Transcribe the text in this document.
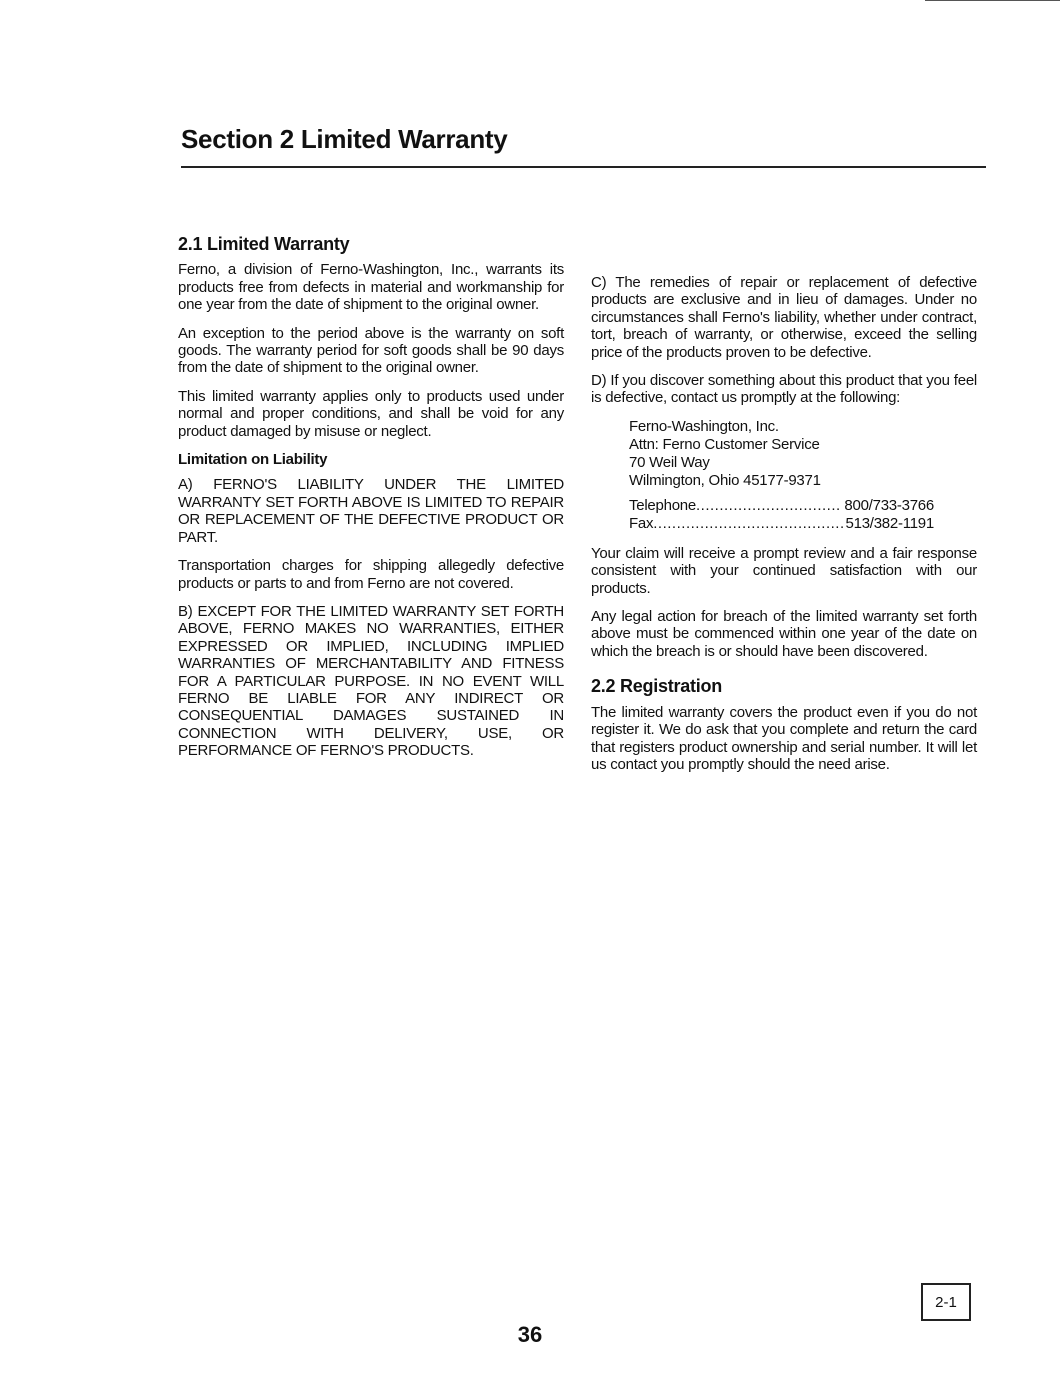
Section 2 Limited Warranty
2.1 Limited Warranty

Ferno, a division of Ferno-Washington, Inc., warrants its products free from defects in material and workmanship for one year from the date of shipment to the original owner.

An exception to the period above is the warranty on soft goods. The warranty period for soft goods shall be 90 days from the date of shipment to the original owner.

This limited warranty applies only to products used under normal and proper conditions, and shall be void for any product damaged by misuse or neglect.

Limitation on Liability

A) FERNO'S LIABILITY UNDER THE LIMITED WARRANTY SET FORTH ABOVE IS LIMITED TO REPAIR OR REPLACEMENT OF THE DEFECTIVE PRODUCT OR PART.

Transportation charges for shipping allegedly defective products or parts to and from Ferno are not covered.

B) EXCEPT FOR THE LIMITED WARRANTY SET FORTH ABOVE, FERNO MAKES NO WARRANTIES, EITHER EXPRESSED OR IMPLIED, INCLUDING IMPLIED WARRANTIES OF MERCHANTABILITY AND FITNESS FOR A PARTICULAR PURPOSE. IN NO EVENT WILL FERNO BE LIABLE FOR ANY INDIRECT OR CONSEQUENTIAL DAMAGES SUSTAINED IN CONNECTION WITH DELIVERY, USE, OR PERFORMANCE OF FERNO'S PRODUCTS.

C) The remedies of repair or replacement of defective products are exclusive and in lieu of damages. Under no circumstances shall Ferno's liability, whether under contract, tort, breach of warranty, or otherwise, exceed the selling price of the products proven to be defective.

D) If you discover something about this product that you feel is defective, contact us promptly at the following:

Ferno-Washington, Inc.
Attn: Ferno Customer Service
70 Weil Way
Wilmington, Ohio 45177-9371
Telephone .....	800/733-3766
Fax .....	513/382-1191

Your claim will receive a prompt review and a fair response consistent with your continued satisfaction with our products.

Any legal action for breach of the limited warranty set forth above must be commenced within one year of the date on which the breach is or should have been discovered.

2.2 Registration

The limited warranty covers the product even if you do not register it. We do ask that you complete and return the card that registers product ownership and serial number. It will let us contact you promptly should the need arise.

2-1
36
